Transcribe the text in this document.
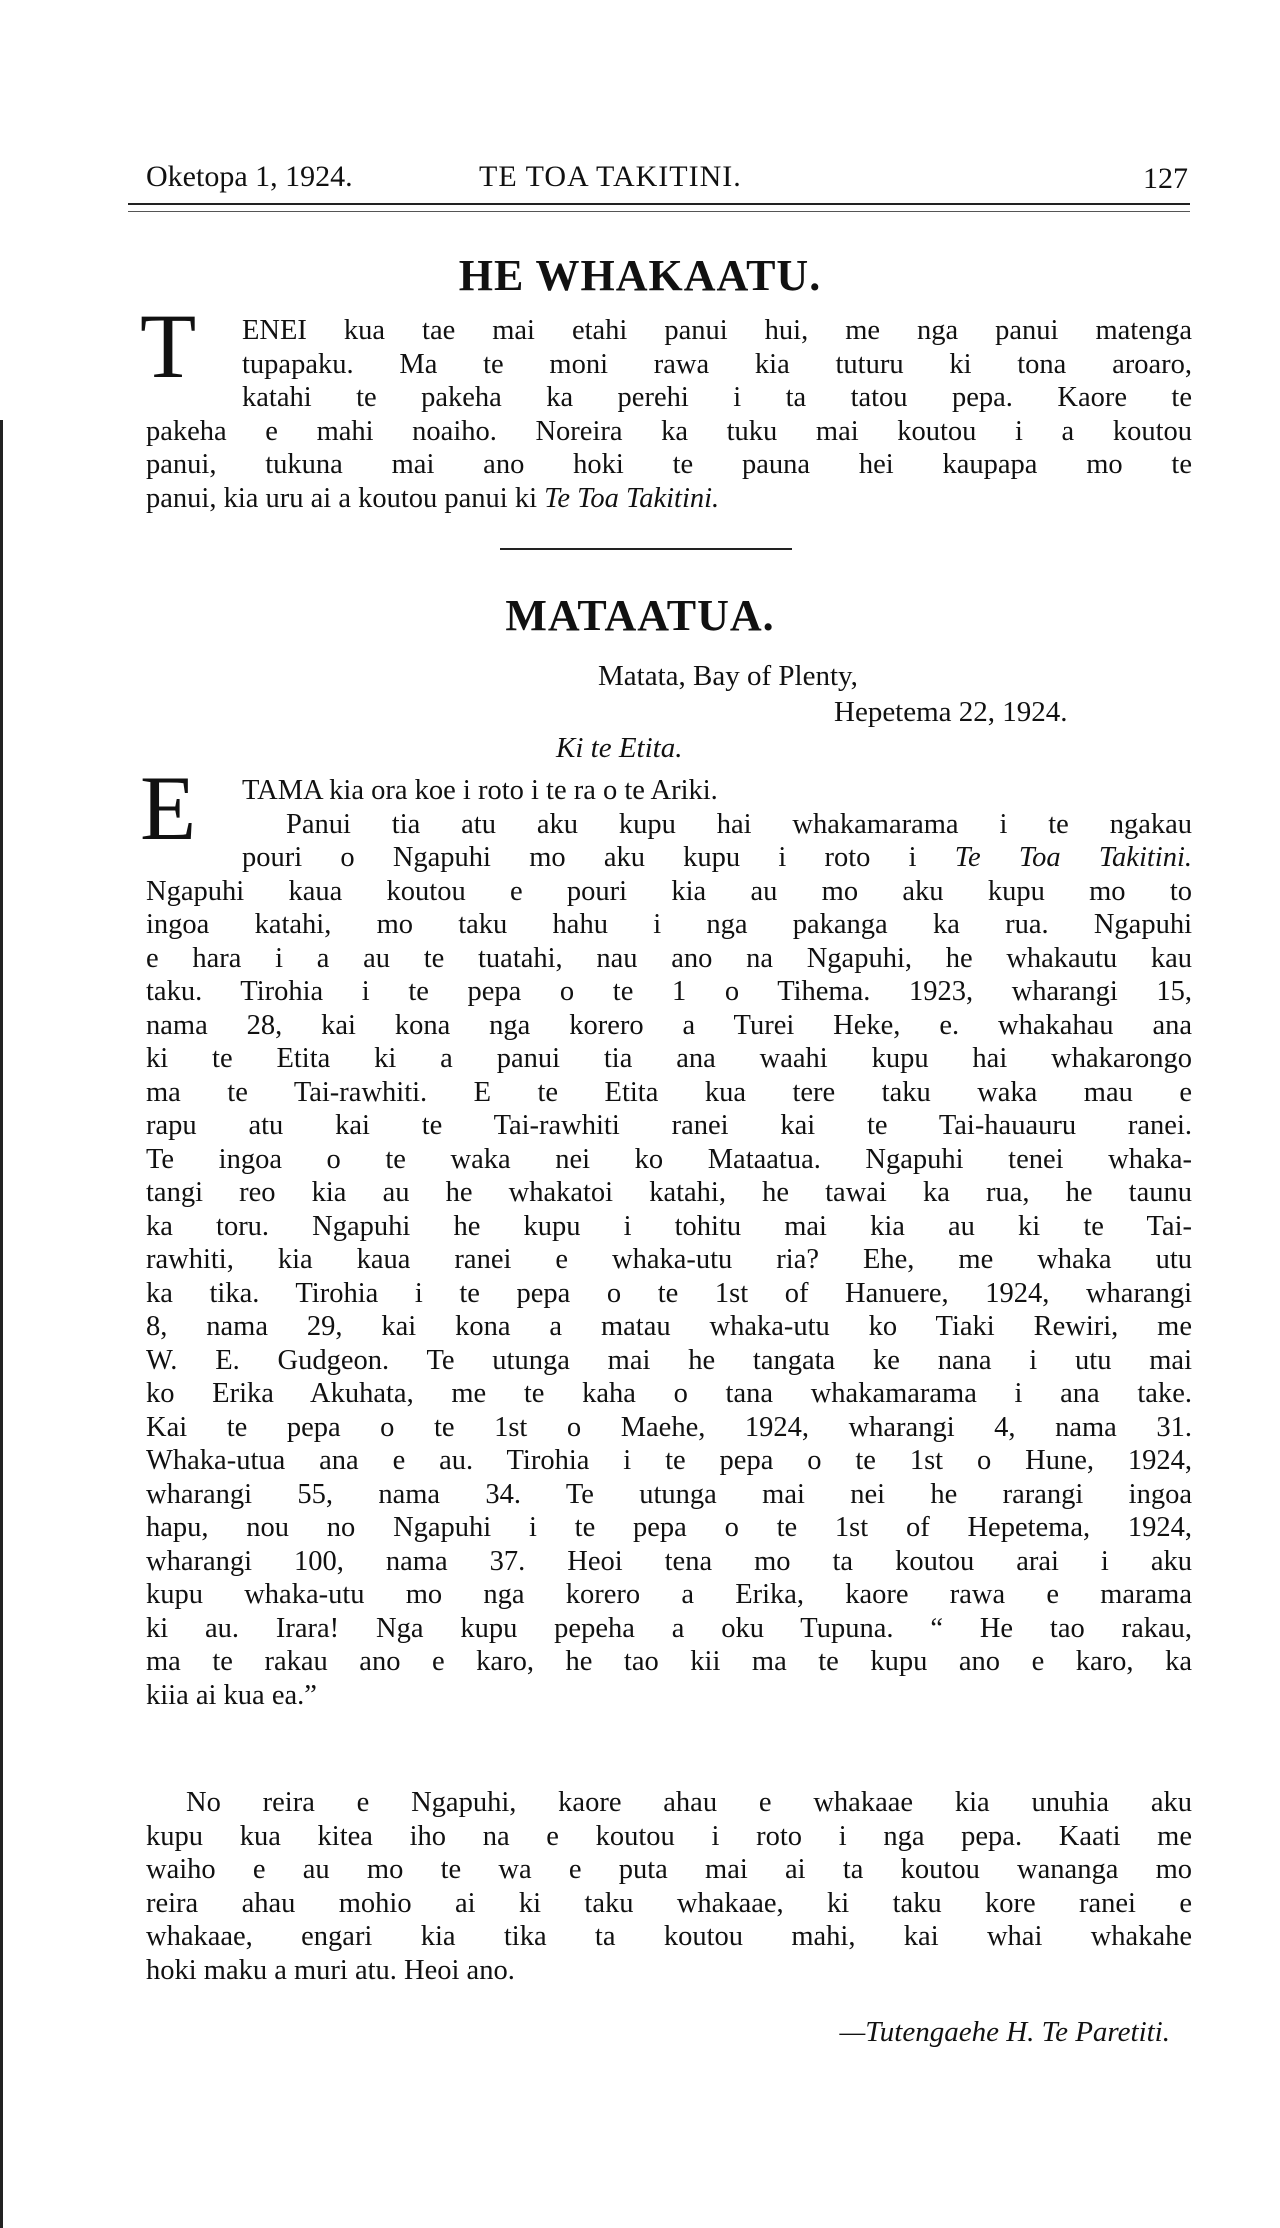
Oketopa 1, 1924.	TE TOA TAKITINI.	127
HE WHAKAATU.
T	ENEI kua tae mai etahi panui hui, me nga panui matenga
tupapaku. Ma te moni rawa kia tuturu ki tona aroaro,
katahi te pakeha ka perehi i ta tatou pepa. Kaore te
pakeha e mahi noaiho. Noreira ka tuku mai koutou i a koutou
panui, tukuna mai ano hoki te pauna hei kaupapa mo te
panui, kia uru ai a koutou panui ki Te Toa Takitini.
MATAATUA.
Matata, Bay of Plenty,
Hepetema 22, 1924.
Ki te Etita.
E	TAMA kia ora koe i roto i te ra o te Ariki.
Panui tia atu aku kupu hai whakamarama i te ngakau
pouri o Ngapuhi mo aku kupu i roto i Te Toa Takitini.
Ngapuhi kaua koutou e pouri kia au mo aku kupu mo to
ingoa katahi, mo taku hahu i nga pakanga ka rua. Ngapuhi
e hara i a au te tuatahi, nau ano na Ngapuhi, he whakautu kau
taku. Tirohia i te pepa o te 1 o Tihema. 1923, wharangi 15,
nama 28, kai kona nga korero a Turei Heke, e. whakahau ana
ki te Etita ki a panui tia ana waahi kupu hai whakarongo
ma te Tai-rawhiti. E te Etita kua tere taku waka mau e
rapu atu kai te Tai-rawhiti ranei kai te Tai-hauauru ranei.
Te ingoa o te waka nei ko Mataatua. Ngapuhi tenei whaka-
tangi reo kia au he whakatoi katahi, he tawai ka rua, he taunu
ka toru. Ngapuhi he kupu i tohitu mai kia au ki te Tai-
rawhiti, kia kaua ranei e whaka-utu ria? Ehe, me whaka utu
ka tika. Tirohia i te pepa o te 1st of Hanuere, 1924, wharangi
8, nama 29, kai kona a matau whaka-utu ko Tiaki Rewiri, me
W. E. Gudgeon. Te utunga mai he tangata ke nana i utu mai
ko Erika Akuhata, me te kaha o tana whakamarama i ana take.
Kai te pepa o te 1st o Maehe, 1924, wharangi 4, nama 31.
Whaka-utua ana e au. Tirohia i te pepa o te 1st o Hune, 1924,
wharangi 55, nama 34. Te utunga mai nei he rarangi ingoa
hapu, nou no Ngapuhi i te pepa o te 1st of Hepetema, 1924,
wharangi 100, nama 37. Heoi tena mo ta koutou arai i aku
kupu whaka-utu mo nga korero a Erika, kaore rawa e marama
ki au. Irara! Nga kupu pepeha a oku Tupuna. “ He tao rakau,
ma te rakau ano e karo, he tao kii ma te kupu ano e karo, ka
kiia ai kua ea.”
No reira e Ngapuhi, kaore ahau e whakaae kia unuhia aku
kupu kua kitea iho na e koutou i roto i nga pepa. Kaati me
waiho e au mo te wa e puta mai ai ta koutou wananga mo
reira ahau mohio ai ki taku whakaae, ki taku kore ranei e
whakaae, engari kia tika ta koutou mahi, kai whai whakahe
hoki maku a muri atu. Heoi ano.
—Tutengaehe H. Te Paretiti.
